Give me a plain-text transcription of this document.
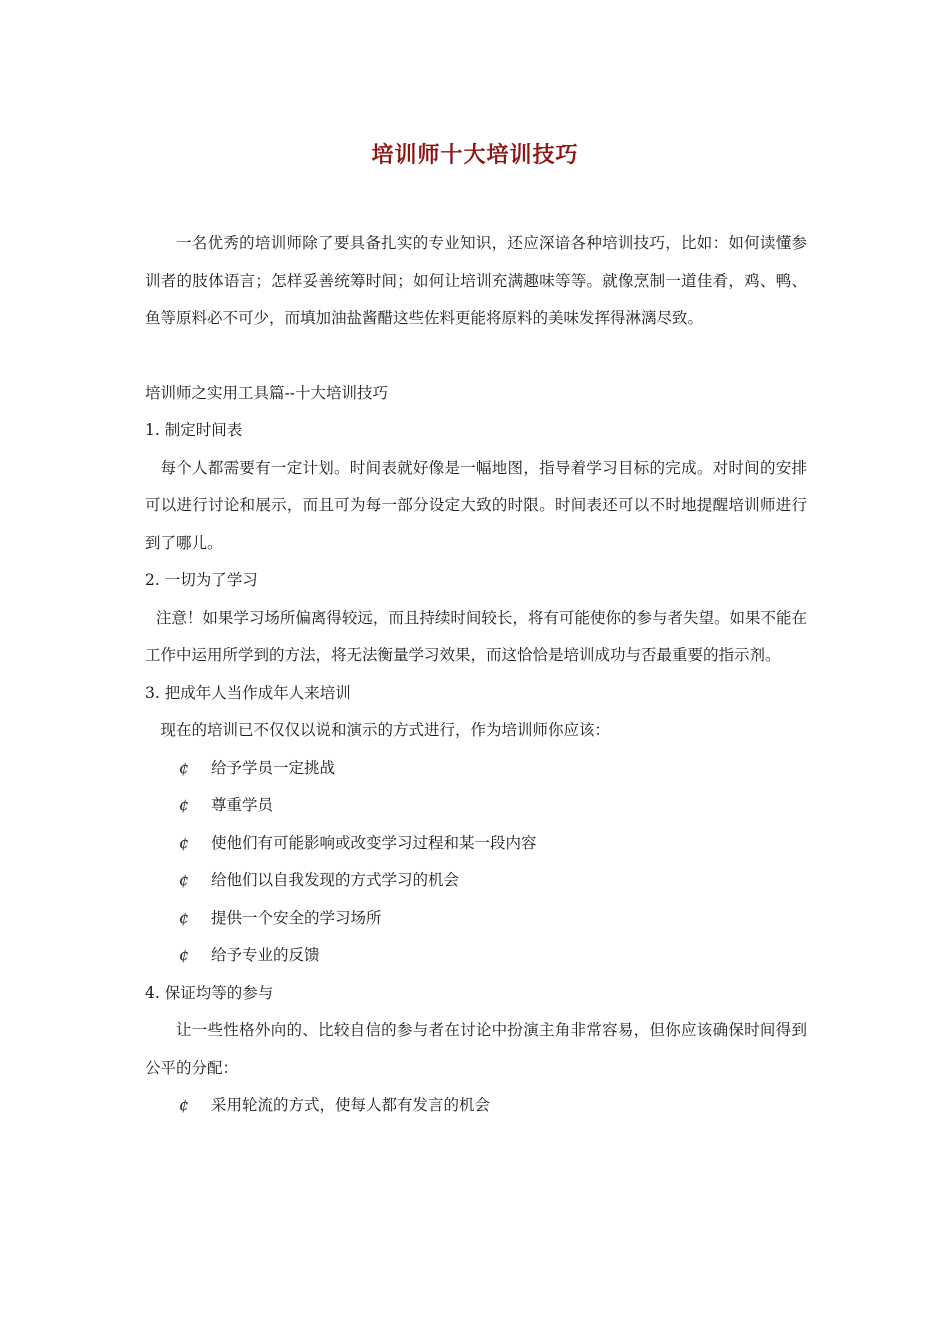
培训师十大培训技巧

一名优秀的培训师除了要具备扎实的专业知识，还应深谙各种培训技巧，比如：如何读懂参训者的肢体语言；怎样妥善统筹时间；如何让培训充满趣味等等。就像烹制一道佳肴，鸡、鸭、鱼等原料必不可少，而填加油盐酱醋这些佐料更能将原料的美味发挥得淋漓尽致。

培训师之实用工具篇--十大培训技巧

1. 制定时间表

每个人都需要有一定计划。时间表就好像是一幅地图，指导着学习目标的完成。对时间的安排可以进行讨论和展示，而且可为每一部分设定大致的时限。时间表还可以不时地提醒培训师进行到了哪儿。

2. 一切为了学习

注意！如果学习场所偏离得较远，而且持续时间较长，将有可能使你的参与者失望。如果不能在工作中运用所学到的方法，将无法衡量学习效果，而这恰恰是培训成功与否最重要的指示剂。

3. 把成年人当作成年人来培训

现在的培训已不仅仅以说和演示的方式进行，作为培训师你应该：

¢	给予学员一定挑战

¢	尊重学员

¢	使他们有可能影响或改变学习过程和某一段内容

¢	给他们以自我发现的方式学习的机会

¢	提供一个安全的学习场所

¢	给予专业的反馈

4. 保证均等的参与

让一些性格外向的、比较自信的参与者在讨论中扮演主角非常容易，但你应该确保时间得到公平的分配：

¢	采用轮流的方式，使每人都有发言的机会
